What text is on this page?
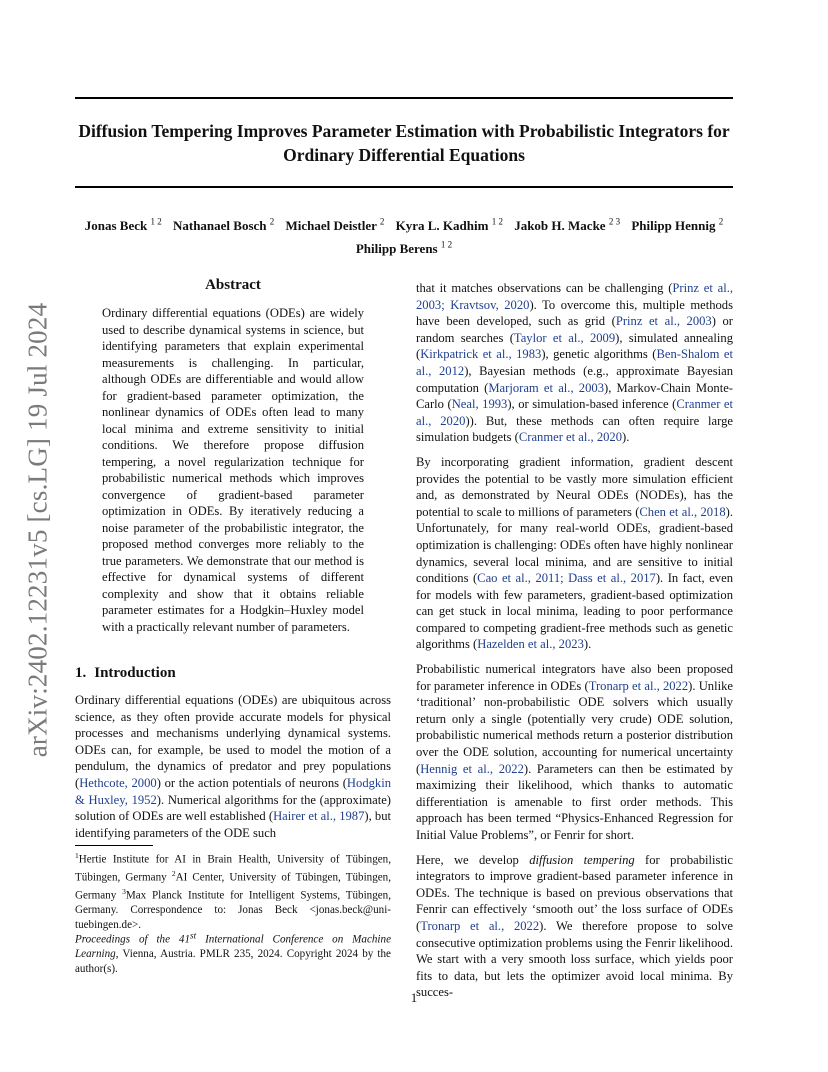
Diffusion Tempering Improves Parameter Estimation with Probabilistic Integrators for Ordinary Differential Equations
Jonas Beck $^{1 2}$ Nathanael Bosch $^2$ Michael Deistler $^2$ Kyra L. Kadhim $^{1 2}$ Jakob H. Macke $^{2 3}$ Philipp Hennig $^2$
Philipp Berens $^{1 2}$
arXiv:2402.12231v5 [cs.LG] 19 Jul 2024
Abstract

Ordinary differential equations (ODEs) are widely used to describe dynamical systems in science, but identifying parameters that explain experimental measurements is challenging. In particular, although ODEs are differentiable and would allow for gradient-based parameter optimization, the nonlinear dynamics of ODEs often lead to many local minima and extreme sensitivity to initial conditions. We therefore propose diffusion tempering, a novel regularization technique for probabilistic numerical methods which improves convergence of gradient-based parameter optimization in ODEs. By iteratively reducing a noise parameter of the probabilistic integrator, the proposed method converges more reliably to the true parameters. We demonstrate that our method is effective for dynamical systems of different complexity and show that it obtains reliable parameter estimates for a Hodgkin–Huxley model with a practically relevant number of parameters.

1. Introduction

Ordinary differential equations (ODEs) are ubiquitous across science, as they often provide accurate models for physical processes and mechanisms underlying dynamical systems. ODEs can, for example, be used to model the motion of a pendulum, the dynamics of predator and prey populations (Hethcote, 2000) or the action potentials of neurons (Hodgkin & Huxley, 1952). Numerical algorithms for the (approximate) solution of ODEs are well established (Hairer et al., 1987), but identifying parameters of the ODE such

$^1$Hertie Institute for AI in Brain Health, University of Tübingen, Tübingen, Germany $^2$AI Center, University of Tübingen, Tübingen, Germany $^3$Max Planck Institute for Intelligent Systems, Tübingen, Germany. Correspondence to: Jonas Beck <jonas.beck@uni-tuebingen.de>.

Proceedings of the 41st International Conference on Machine Learning, Vienna, Austria. PMLR 235, 2024. Copyright 2024 by the author(s).

that it matches observations can be challenging (Prinz et al., 2003; Kravtsov, 2020). To overcome this, multiple methods have been developed, such as grid (Prinz et al., 2003) or random searches (Taylor et al., 2009), simulated annealing (Kirkpatrick et al., 1983), genetic algorithms (Ben-Shalom et al., 2012), Bayesian methods (e.g., approximate Bayesian computation (Marjoram et al., 2003), Markov-Chain Monte-Carlo (Neal, 1993), or simulation-based inference (Cranmer et al., 2020)). But, these methods can often require large simulation budgets (Cranmer et al., 2020).

By incorporating gradient information, gradient descent provides the potential to be vastly more simulation efficient and, as demonstrated by Neural ODEs (NODEs), has the potential to scale to millions of parameters (Chen et al., 2018). Unfortunately, for many real-world ODEs, gradient-based optimization is challenging: ODEs often have highly nonlinear dynamics, several local minima, and are sensitive to initial conditions (Cao et al., 2011; Dass et al., 2017). In fact, even for models with few parameters, gradient-based optimization can get stuck in local minima, leading to poor performance compared to competing gradient-free methods such as genetic algorithms (Hazelden et al., 2023).

Probabilistic numerical integrators have also been proposed for parameter inference in ODEs (Tronarp et al., 2022). Unlike ‘traditional’ non-probabilistic ODE solvers which usually return only a single (potentially very crude) ODE solution, probabilistic numerical methods return a posterior distribution over the ODE solution, accounting for numerical uncertainty (Hennig et al., 2022). Parameters can then be estimated by maximizing their likelihood, which thanks to automatic differentiation is amenable to first order methods. This approach has been termed “Physics-Enhanced Regression for Initial Value Problems”, or Fenrir for short.

Here, we develop diffusion tempering for probabilistic integrators to improve gradient-based parameter inference in ODEs. The technique is based on previous observations that Fenrir can effectively ‘smooth out’ the loss surface of ODEs (Tronarp et al., 2022). We therefore propose to solve consecutive optimization problems using the Fenrir likelihood. We start with a very smooth loss surface, which yields poor fits to data, but lets the optimizer avoid local minima. By succes-

1
